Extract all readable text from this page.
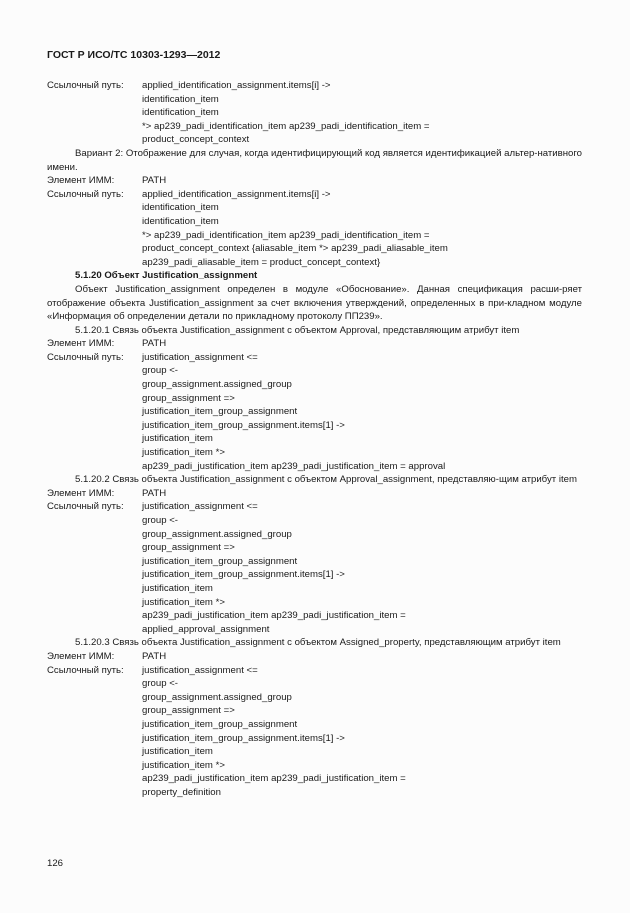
ГОСТ Р ИСО/ТС 10303-1293—2012
Ссылочный путь:	applied_identification_assignment.items[i] ->
identification_item
identification_item
*> ap239_padi_identification_item ap239_padi_identification_item =
product_concept_context
Вариант 2: Отображение для случая, когда идентифицирующий код является идентификацией альтер-нативного имени.
Элемент ИММ:	PATH
Ссылочный путь:	applied_identification_assignment.items[i] ->
identification_item
identification_item
*> ap239_padi_identification_item ap239_padi_identification_item =
product_concept_context {aliasable_item *> ap239_padi_aliasable_item
ap239_padi_aliasable_item = product_concept_context}
5.1.20 Объект Justification_assignment
Объект Justification_assignment определен в модуле «Обоснование». Данная спецификация расши-ряет отображение объекта Justification_assignment за счет включения утверждений, определенных в при-кладном модуле «Информация об определении детали по прикладному протоколу ПП239».
5.1.20.1 Связь объекта Justification_assignment с объектом Approval, представляющим атрибут item
Элемент ИММ:	PATH
Ссылочный путь:	justification_assignment <=
group <-
group_assignment.assigned_group
group_assignment =>
justification_item_group_assignment
justification_item_group_assignment.items[1] ->
justification_item
justification_item *>
ap239_padi_justification_item ap239_padi_justification_item = approval
5.1.20.2 Связь объекта Justification_assignment с объектом Approval_assignment, представляю-щим атрибут item
Элемент ИММ:	PATH
Ссылочный путь:	justification_assignment <=
group <-
group_assignment.assigned_group
group_assignment =>
justification_item_group_assignment
justification_item_group_assignment.items[1] ->
justification_item
justification_item *>
ap239_padi_justification_item ap239_padi_justification_item =
applied_approval_assignment
5.1.20.3 Связь объекта Justification_assignment с объектом Assigned_property, представляющим атрибут item
Элемент ИММ:	PATH
Ссылочный путь:	justification_assignment <=
group <-
group_assignment.assigned_group
group_assignment =>
justification_item_group_assignment
justification_item_group_assignment.items[1] ->
justification_item
justification_item *>
ap239_padi_justification_item ap239_padi_justification_item =
property_definition
126
